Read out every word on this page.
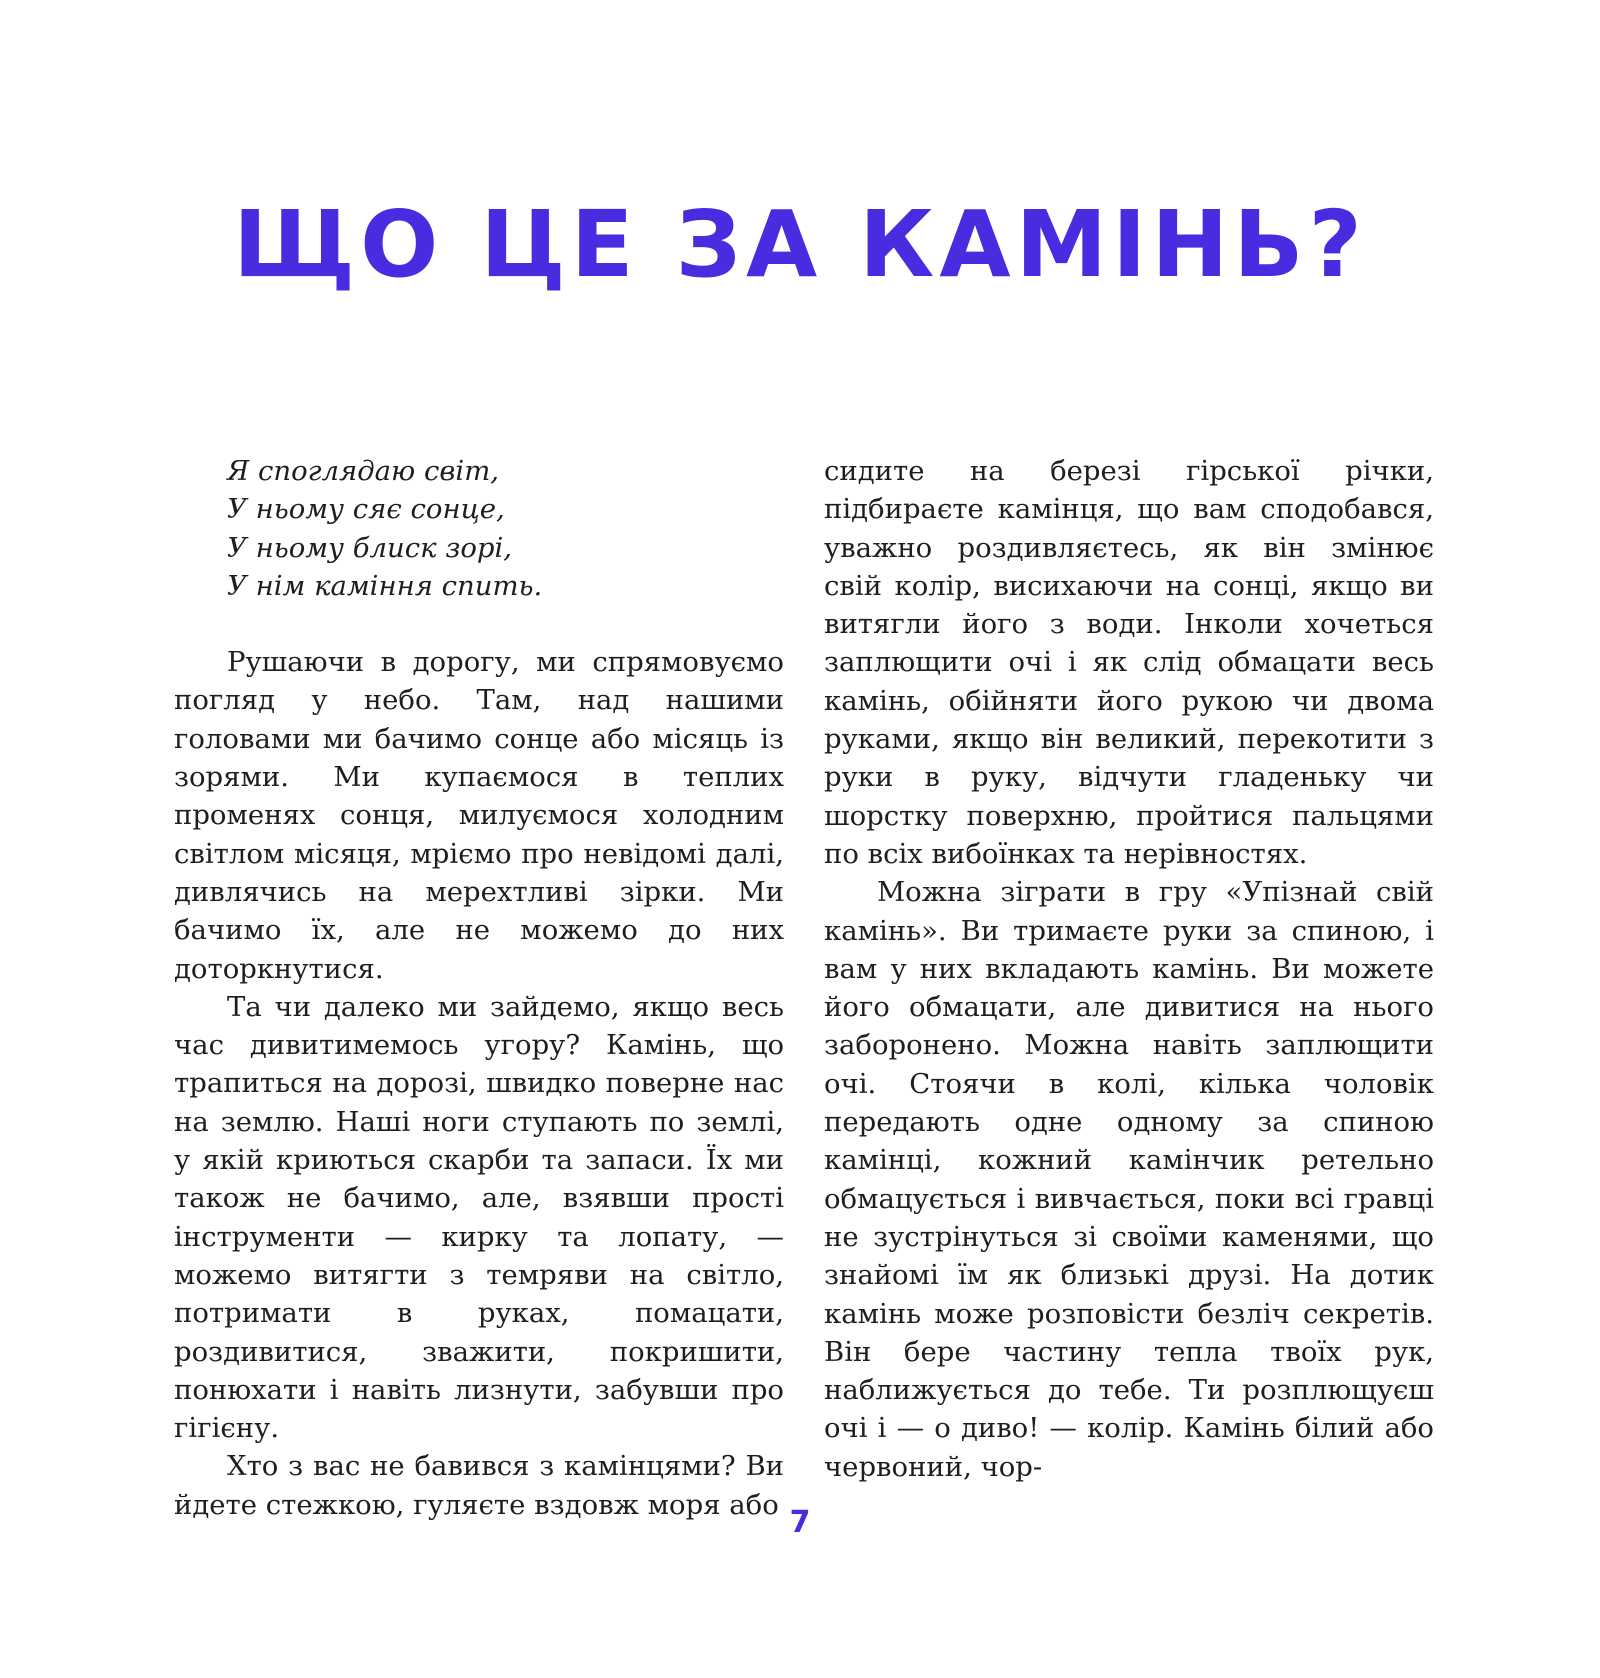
ЩО ЦЕ ЗА КАМІНЬ?
Я споглядаю світ,
У ньому сяє сонце,
У ньому блиск зорі,
У нім каміння спить.

Рушаючи в дорогу, ми спрямовуємо погляд у небо. Там, над нашими головами ми бачимо сонце або місяць із зорями. Ми купаємося в теплих променях сонця, милуємося холодним світлом місяця, мріємо про невідомі далі, дивлячись на мерехтливі зірки. Ми бачимо їх, але не можемо до них доторкнутися.

Та чи далеко ми зайдемо, якщо весь час дивитимемось угору? Камінь, що трапиться на дорозі, швидко поверне нас на землю. Наші ноги ступають по землі, у якій криються скарби та запаси. Їх ми також не бачимо, але, взявши прості інструменти — кирку та лопату, — можемо витягти з темряви на світло, потримати в руках, помацати, роздивитися, зважити, покришити, понюхати і навіть лизнути, забувши про гігієну.

Хто з вас не бавився з камінцями? Ви йдете стежкою, гуляєте вздовж моря або

сидите на березі гірської річки, підбираєте камінця, що вам сподобався, уважно роздивляєтесь, як він змінює свій колір, висихаючи на сонці, якщо ви витягли його з води. Інколи хочеться заплющити очі і як слід обмацати весь камінь, обійняти його рукою чи двома руками, якщо він великий, перекотити з руки в руку, відчути гладеньку чи шорстку поверхню, пройтися пальцями по всіх вибоїнках та нерівностях.

Можна зіграти в гру «Упізнай свій камінь». Ви тримаєте руки за спиною, і вам у них вкладають камінь. Ви можете його обмацати, але дивитися на нього заборонено. Можна навіть заплющити очі. Стоячи в колі, кілька чоловік передають одне одному за спиною камінці, кожний камінчик ретельно обмацується і вивчається, поки всі гравці не зустрінуться зі своїми каменями, що знайомі їм як близькі друзі. На дотик камінь може розповісти безліч секретів. Він бере частину тепла твоїх рук, наближується до тебе. Ти розплющуєш очі і — о диво! — колір. Камінь білий або червоний, чор-

7
